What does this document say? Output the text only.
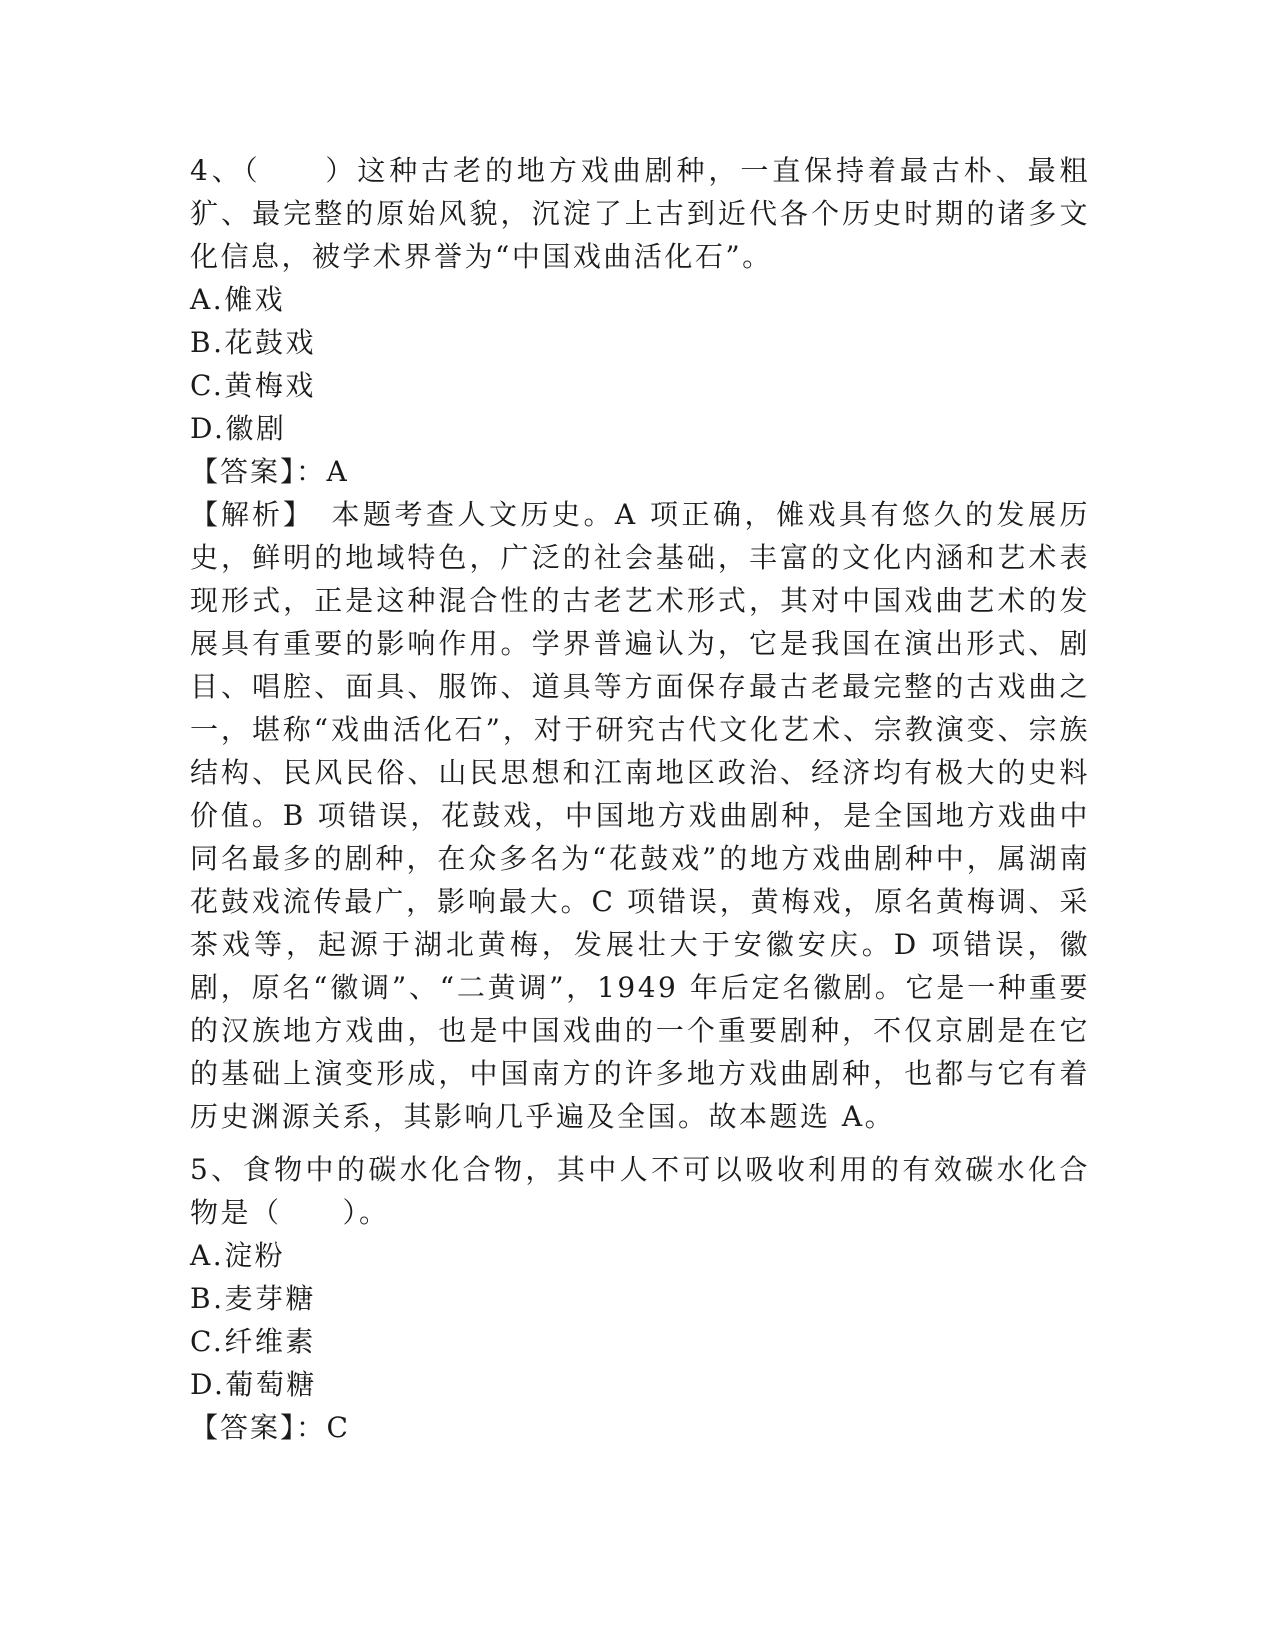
4、（　　）这种古老的地方戏曲剧种，一直保持着最古朴、最粗犷、最完整的原始风貌，沉淀了上古到近代各个历史时期的诸多文化信息，被学术界誉为“中国戏曲活化石”。

A.傩戏

B.花鼓戏

C.黄梅戏

D.徽剧

【答案】：A

【解析】　本题考查人文历史。A 项正确，傩戏具有悠久的发展历史，鲜明的地域特色，广泛的社会基础，丰富的文化内涵和艺术表现形式，正是这种混合性的古老艺术形式，其对中国戏曲艺术的发展具有重要的影响作用。学界普遍认为，它是我国在演出形式、剧目、唱腔、面具、服饰、道具等方面保存最古老最完整的古戏曲之一，堪称“戏曲活化石”，对于研究古代文化艺术、宗教演变、宗族结构、民风民俗、山民思想和江南地区政治、经济均有极大的史料价值。B 项错误，花鼓戏，中国地方戏曲剧种，是全国地方戏曲中同名最多的剧种，在众多名为“花鼓戏”的地方戏曲剧种中，属湖南花鼓戏流传最广，影响最大。C 项错误，黄梅戏，原名黄梅调、采茶戏等，起源于湖北黄梅，发展壮大于安徽安庆。D 项错误，徽剧，原名“徽调”、“二黄调”，1949 年后定名徽剧。它是一种重要的汉族地方戏曲，也是中国戏曲的一个重要剧种，不仅京剧是在它的基础上演变形成，中国南方的许多地方戏曲剧种，也都与它有着历史渊源关系，其影响几乎遍及全国。故本题选 A。

5、食物中的碳水化合物，其中人不可以吸收利用的有效碳水化合物是（　　）。

A.淀粉

B.麦芽糖

C.纤维素

D.葡萄糖

【答案】：C
